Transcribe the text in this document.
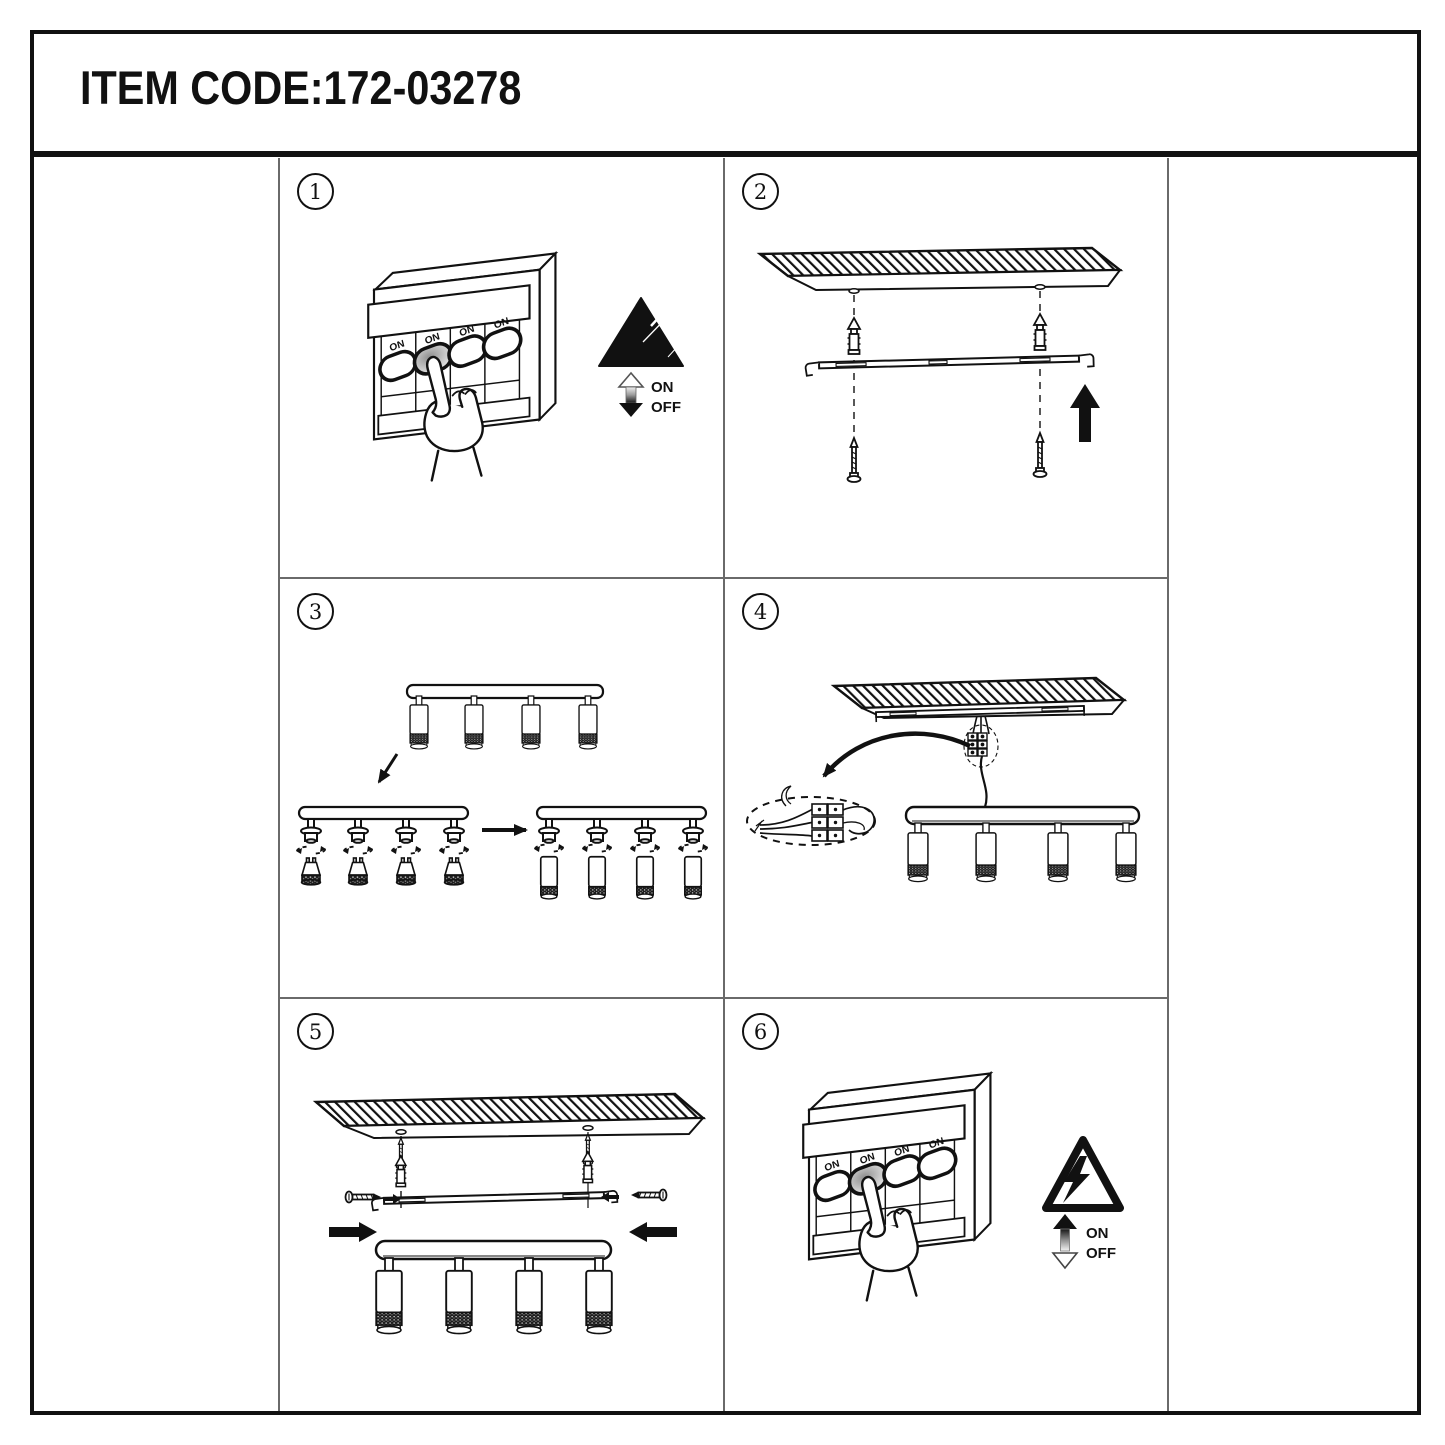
ITEM CODE:172-03278
1
ON ON ON ON
ON
OFF
2
3	4
5	6
ON ON ON ON
ON
OFF
